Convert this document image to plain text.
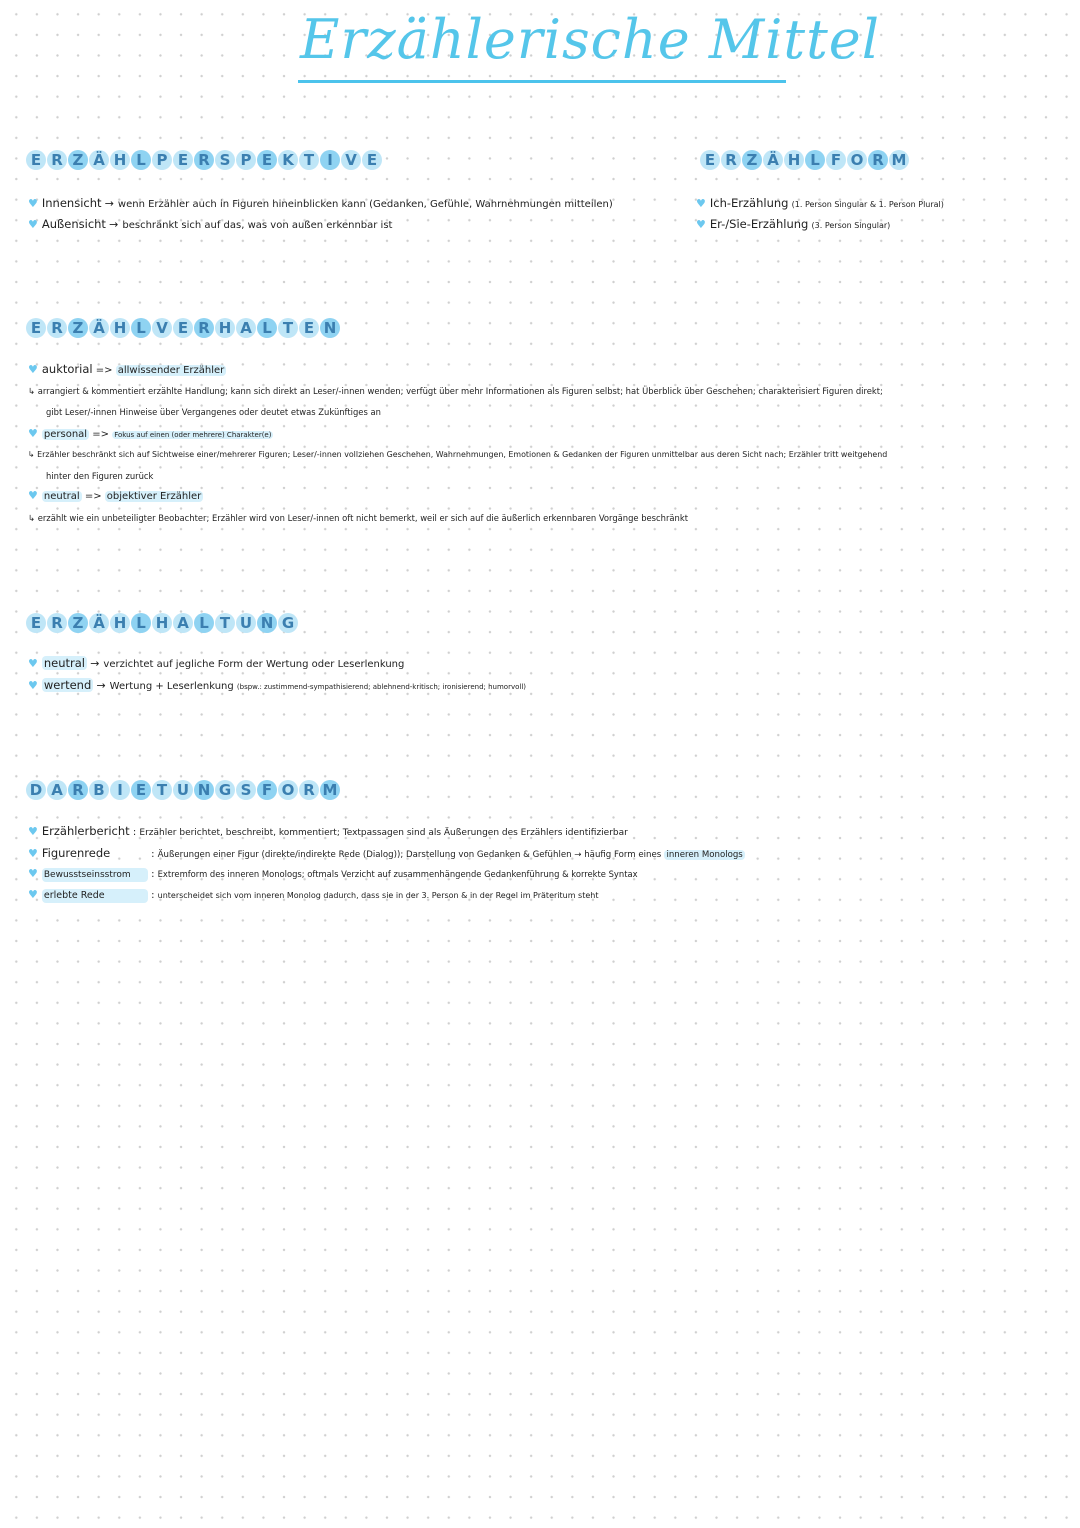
Erzählerische Mittel
E R Z Ä H L P E R S P E K T I V E
♥ Innensicht → wenn Erzähler auch in Figuren hineinblicken kann (Gedanken, Gefühle, Wahrnehmungen mitteilen)
♥ Außensicht → beschränkt sich auf das, was von außen erkennbar ist
E R Z Ä H L F O R M
♥ Ich-Erzählung (1. Person Singular & 1. Person Plural)
♥ Er-/Sie-Erzählung (3. Person Singular)
E R Z Ä H L V E R H A L T E N
♥ auktorial => allwissender Erzähler
↳ arrangiert & kommentiert erzählte Handlung; kann sich direkt an Leser/-innen wenden; verfügt über mehr Informationen als Figuren selbst; hat Überblick über Geschehen; charakterisiert Figuren direkt;
gibt Leser/-innen Hinweise über Vergangenes oder deutet etwas Zukünftiges an
♥ personal => Fokus auf einen (oder mehrere) Charakter(e)
↳ Erzähler beschränkt sich auf Sichtweise einer/mehrerer Figuren; Leser/-innen vollziehen Geschehen, Wahrnehmungen, Emotionen & Gedanken der Figuren unmittelbar aus deren Sicht nach; Erzähler tritt weitgehend
hinter den Figuren zurück
♥ neutral => objektiver Erzähler
↳ erzählt wie ein unbeteiligter Beobachter; Erzähler wird von Leser/-innen oft nicht bemerkt, weil er sich auf die äußerlich erkennbaren Vorgänge beschränkt
E R Z Ä H L H A L T U N G
♥ neutral → verzichtet auf jegliche Form der Wertung oder Leserlenkung
♥ wertend → Wertung + Leserlenkung (bspw.: zustimmend-sympathisierend; ablehnend-kritisch; ironisierend; humorvoll)
D A R B I E T U N G S F O R M
♥ Erzählerbericht : Erzähler berichtet, beschreibt, kommentiert; Textpassagen sind als Äußerungen des Erzählers identifizierbar
♥ Figurenrede	: Äußerungen einer Figur (direkte/indirekte Rede (Dialog)); Darstellung von Gedanken & Gefühlen → häufig Form eines inneren Monologs
♥ Bewusstseinsstrom : Extremform des inneren Monologs; oftmals Verzicht auf zusammenhängende Gedankenführung & korrekte Syntax
♥ erlebte Rede	: unterscheidet sich vom inneren Monolog dadurch, dass sie in der 3. Person & in der Regel im Präteritum steht
